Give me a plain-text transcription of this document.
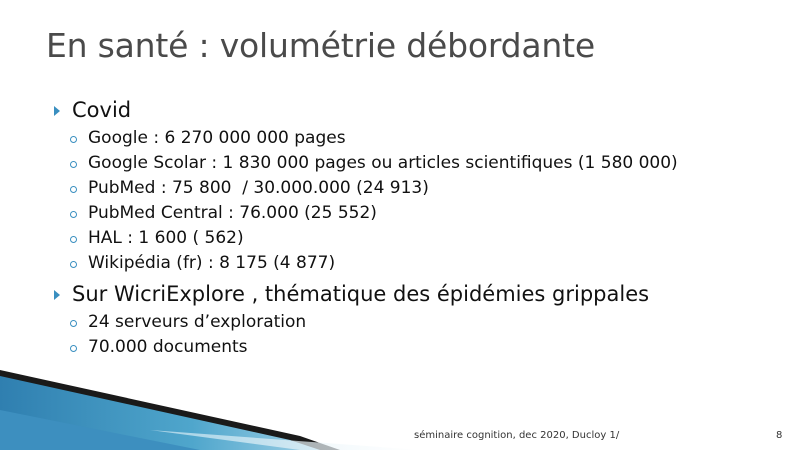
En santé : volumétrie débordante
Covid
Google : 6 270 000 000 pages
Google Scolar : 1 830 000 pages ou articles scientifiques (1 580 000)
PubMed : 75 800  / 30.000.000 (24 913)
PubMed Central : 76.000 (25 552)
HAL : 1 600 ( 562)
Wikipédia (fr) : 8 175 (4 877)
Sur WicriExplore , thématique des épidémies grippales
24 serveurs d’exploration
70.000 documents
séminaire cognition, dec 2020, Ducloy 1/	8
